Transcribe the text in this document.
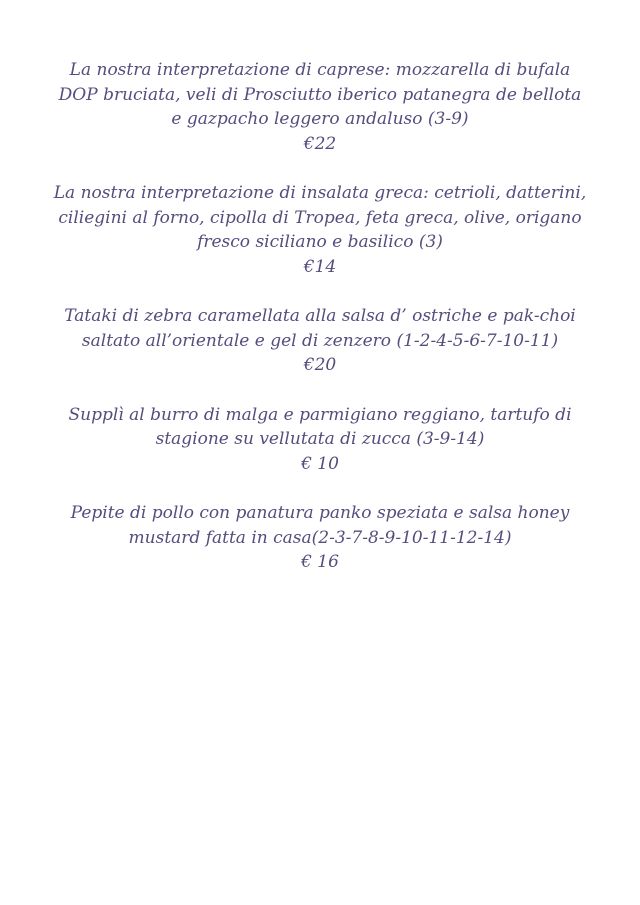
La nostra interpretazione di caprese: mozzarella di bufala DOP bruciata, veli di Prosciutto iberico patanegra de bellota e gazpacho leggero andaluso (3-9)
€22
La nostra interpretazione di insalata greca: cetrioli, datterini, ciliegini al forno, cipolla di Tropea, feta greca, olive, origano fresco siciliano e basilico (3)
€14
Tataki di zebra caramellata alla salsa d’ ostriche e pak-choi saltato all’orientale e gel di zenzero (1-2-4-5-6-7-10-11)
€20
Supplì al burro di malga e parmigiano reggiano, tartufo di stagione su vellutata di zucca (3-9-14)
€ 10
Pepite di pollo con panatura panko speziata e salsa honey mustard fatta in casa(2-3-7-8-9-10-11-12-14)
€ 16
